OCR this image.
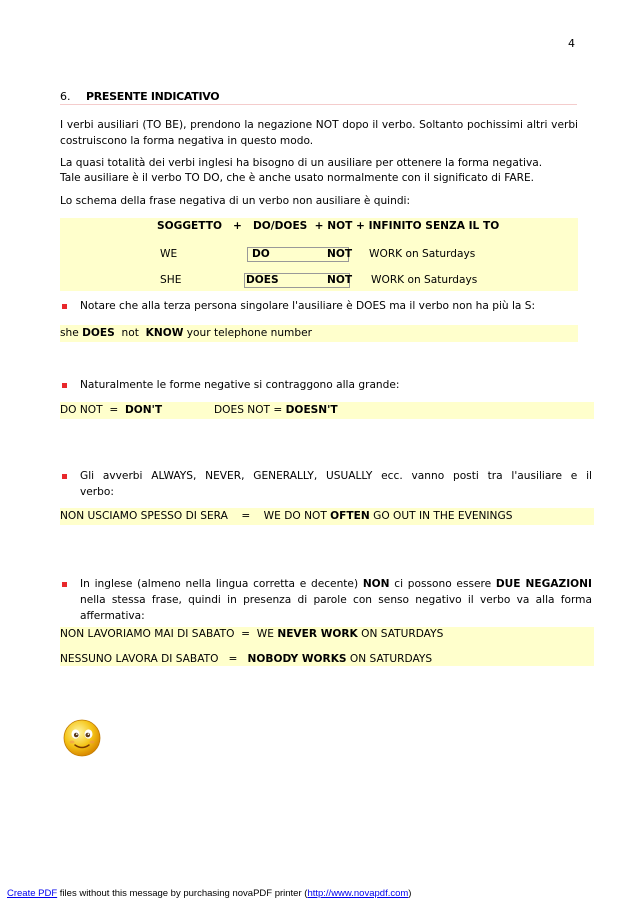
4
6. PRESENTE INDICATIVO
I verbi ausiliari (TO BE), prendono la negazione NOT dopo il verbo. Soltanto pochissimi altri verbi costruiscono la forma negativa in questo modo.
La quasi totalità dei verbi inglesi ha bisogno di un ausiliare per ottenere la forma negativa.
Tale ausiliare è il verbo TO DO, che è anche usato normalmente con il significato di FARE.
Lo schema della frase negativa di un verbo non ausiliare è quindi:
SOGGETTO   +   DO/DOES  + NOT + INFINITO SENZA IL TO
WE	DO	NOT WORK on Saturdays
SHE	DOES	NOT WORK on Saturdays
Notare che alla terza persona singolare l'ausiliare è DOES ma il verbo non ha più la S:
she DOES  not  KNOW your telephone number
Naturalmente le forme negative si contraggono alla grande:
DO NOT  =  DON'T	DOES NOT = DOESN'T
Gli avverbi ALWAYS, NEVER, GENERALLY, USUALLY ecc. vanno posti tra l'ausiliare e il verbo:
NON USCIAMO SPESSO DI SERA    =    WE DO NOT OFTEN GO OUT IN THE EVENINGS
In inglese (almeno nella lingua corretta e decente) NON ci possono essere DUE NEGAZIONI nella stessa frase, quindi in presenza di parole con senso negativo il verbo va alla forma affermativa:
NON LAVORIAMO MAI DI SABATO  =  WE NEVER WORK ON SATURDAYS
NESSUNO LAVORA DI SABATO   =   NOBODY WORKS ON SATURDAYS
Create PDF files without this message by purchasing novaPDF printer (http://www.novapdf.com)
